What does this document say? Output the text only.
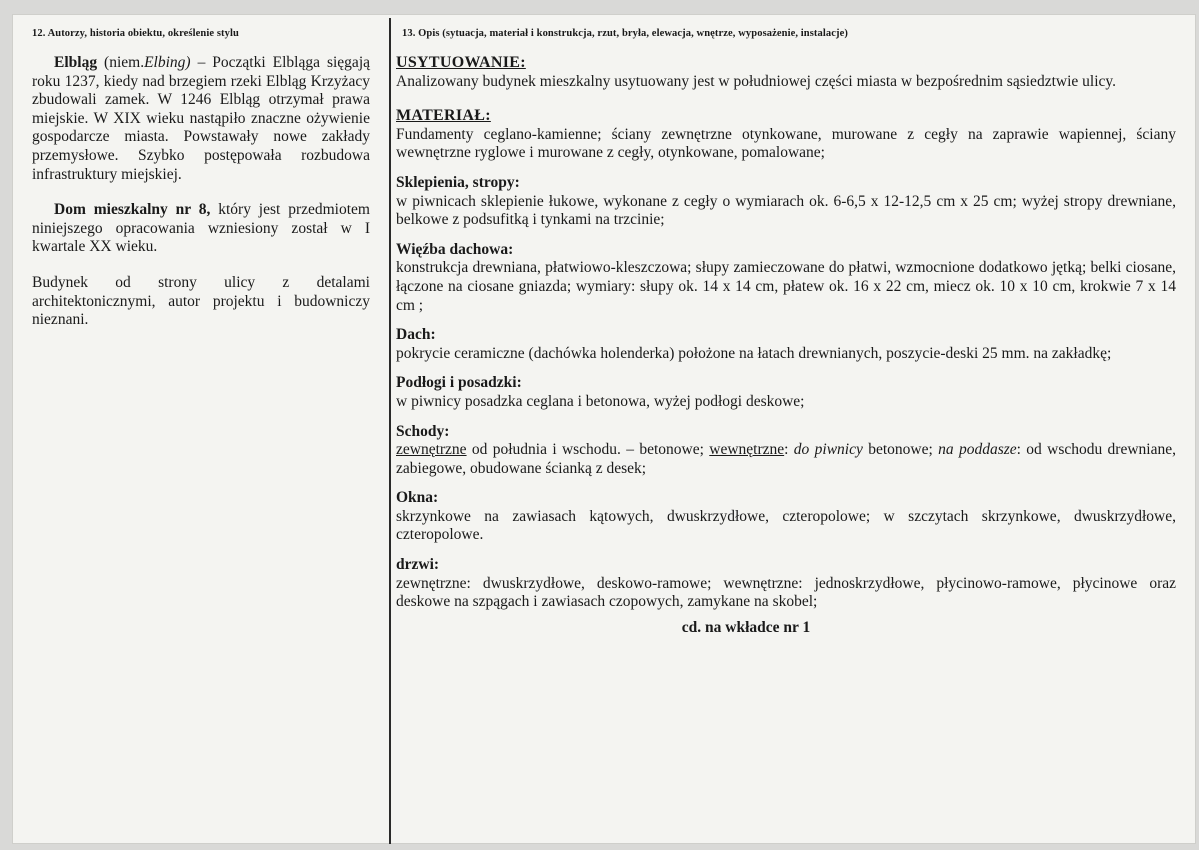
12. Autorzy, historia obiektu, określenie stylu	13. Opis (sytuacja, materiał i konstrukcja, rzut, bryła, elewacja, wnętrze, wyposażenie, instalacje)

Elbląg (niem.Elbing) – Początki Elbląga sięgają roku 1237, kiedy nad brzegiem rzeki Elbląg Krzyżacy zbudowali zamek. W 1246 Elbląg otrzymał prawa miejskie. W XIX wieku nastąpiło znaczne ożywienie gospodarcze miasta. Powstawały nowe zakłady przemysłowe. Szybko postępowała rozbudowa infrastruktury miejskiej.

Dom mieszkalny nr 8, który jest przedmiotem niniejszego opracowania wzniesiony został w I kwartale XX wieku.

Budynek od strony ulicy z detalami architektonicznymi, autor projektu i budowniczy nieznani.

USYTUOWANIE:

Analizowany budynek mieszkalny usytuowany jest w południowej części miasta w bezpośrednim sąsiedztwie ulicy.

MATERIAŁ:

Fundamenty ceglano-kamienne; ściany zewnętrzne otynkowane, murowane z cegły na zaprawie wapiennej, ściany wewnętrzne ryglowe i murowane z cegły, otynkowane, pomalowane;

Sklepienia, stropy:

w piwnicach sklepienie łukowe, wykonane z cegły o wymiarach ok. 6-6,5 x 12-12,5 cm x 25 cm; wyżej stropy drewniane, belkowe z podsufitką i tynkami na trzcinie;

Więźba dachowa:

konstrukcja drewniana, płatwiowo-kleszczowa; słupy zamieczowane do płatwi, wzmocnione dodatkowo jętką; belki ciosane, łączone na ciosane gniazda; wymiary: słupy ok. 14 x 14 cm, płatew ok. 16 x 22 cm, miecz ok. 10 x 10 cm, krokwie 7 x 14 cm ;

Dach:

pokrycie ceramiczne (dachówka holenderka) położone na łatach drewnianych, poszycie-deski 25 mm. na zakładkę;

Podłogi i posadzki:

w piwnicy posadzka ceglana i betonowa, wyżej podłogi deskowe;

Schody:

zewnętrzne od południa i wschodu. – betonowe; wewnętrzne: do piwnicy betonowe; na poddasze: od wschodu drewniane, zabiegowe, obudowane ścianką z desek;

Okna:

skrzynkowe na zawiasach kątowych, dwuskrzydłowe, czteropolowe; w szczytach skrzynkowe, dwuskrzydłowe, czteropolowe.

drzwi:

zewnętrzne: dwuskrzydłowe, deskowo-ramowe; wewnętrzne: jednoskrzydłowe, płycinowo-ramowe, płycinowe oraz deskowe na szpągach i zawiasach czopowych, zamykane na skobel;

cd. na wkładce nr 1
